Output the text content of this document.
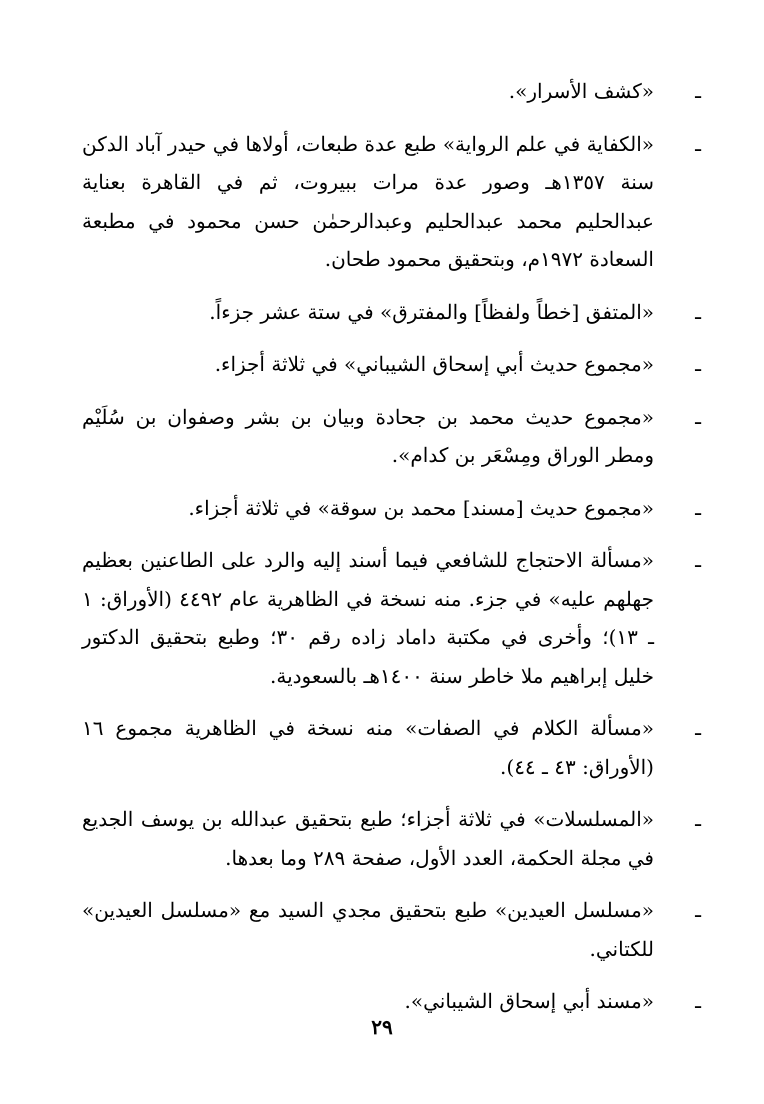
ـ
«كشف الأسرار».
ـ
«الكفاية في علم الرواية» طبع عدة طبعات، أولاها في حيدر آباد الدكن سنة ١٣٥٧هـ وصور عدة مرات ببيروت، ثم في القاهرة بعناية عبدالحليم محمد عبدالحليم وعبدالرحمٰن حسن محمود في مطبعة السعادة ١٩٧٢م، وبتحقيق محمود طحان.
ـ
«المتفق [خطاً ولفظاً] والمفترق» في ستة عشر جزءاً.
ـ
«مجموع حديث أبي إسحاق الشيباني» في ثلاثة أجزاء.
ـ
«مجموع حديث محمد بن جحادة وبيان بن بشر وصفوان بن سُلَيْم ومطر الوراق ومِسْعَر بن كدام».
ـ
«مجموع حديث [مسند] محمد بن سوقة» في ثلاثة أجزاء.
ـ
«مسألة الاحتجاج للشافعي فيما أسند إليه والرد على الطاعنين بعظيم جهلهم عليه» في جزء. منه نسخة في الظاهرية عام ٤٤٩٢ (الأوراق: ١ ـ ١٣)؛ وأخرى في مكتبة داماد زاده رقم ٣٠؛ وطبع بتحقيق الدكتور خليل إبراهيم ملا خاطر سنة ١٤٠٠هـ بالسعودية.
ـ
«مسألة الكلام في الصفات» منه نسخة في الظاهرية مجموع ١٦ (الأوراق: ٤٣ ـ ٤٤).
ـ
«المسلسلات» في ثلاثة أجزاء؛ طبع بتحقيق عبدالله بن يوسف الجديع في مجلة الحكمة، العدد الأول، صفحة ٢٨٩ وما بعدها.
ـ
«مسلسل العيدين» طبع بتحقيق مجدي السيد مع «مسلسل العيدين» للكتاني.
ـ
«مسند أبي إسحاق الشيباني».
٢٩
